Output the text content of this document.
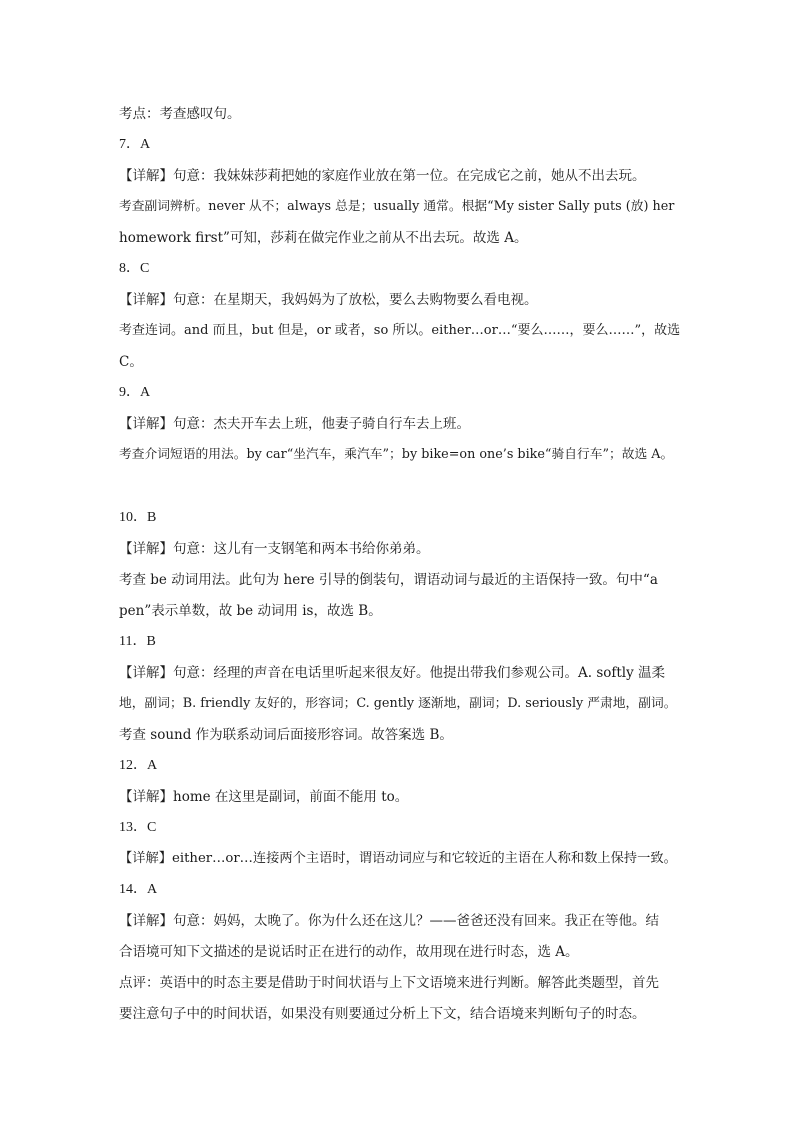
考点：考查感叹句。
7．A
【详解】句意：我妹妹莎莉把她的家庭作业放在第一位。在完成它之前，她从不出去玩。
考查副词辨析。never 从不；always 总是；usually 通常。根据“My sister Sally puts (放) her
homework first”可知，莎莉在做完作业之前从不出去玩。故选 A。
8．C
【详解】句意：在星期天，我妈妈为了放松，要么去购物要么看电视。
考查连词。and 而且，but 但是，or 或者，so 所以。either…or…“要么……，要么……”，故选
C。
9．A
【详解】句意：杰夫开车去上班，他妻子骑自行车去上班。
考查介词短语的用法。by car“坐汽车，乘汽车”；by bike=on one’s bike“骑自行车”；故选 A。
10．B
【详解】句意：这儿有一支钢笔和两本书给你弟弟。
考查 be 动词用法。此句为 here 引导的倒装句，谓语动词与最近的主语保持一致。句中“a
pen”表示单数，故 be 动词用 is，故选 B。
11．B
【详解】句意：经理的声音在电话里听起来很友好。他提出带我们参观公司。A. softly 温柔
地，副词；B. friendly 友好的，形容词；C. gently 逐渐地，副词；D. seriously 严肃地，副词。
考查 sound 作为联系动词后面接形容词。故答案选 B。
12．A
【详解】home 在这里是副词，前面不能用 to。
13．C
【详解】either…or…连接两个主语时，谓语动词应与和它较近的主语在人称和数上保持一致。
14．A
【详解】句意：妈妈，太晚了。你为什么还在这儿？——爸爸还没有回来。我正在等他。结
合语境可知下文描述的是说话时正在进行的动作，故用现在进行时态，选 A。
点评：英语中的时态主要是借助于时间状语与上下文语境来进行判断。解答此类题型，首先
要注意句子中的时间状语，如果没有则要通过分析上下文，结合语境来判断句子的时态。
